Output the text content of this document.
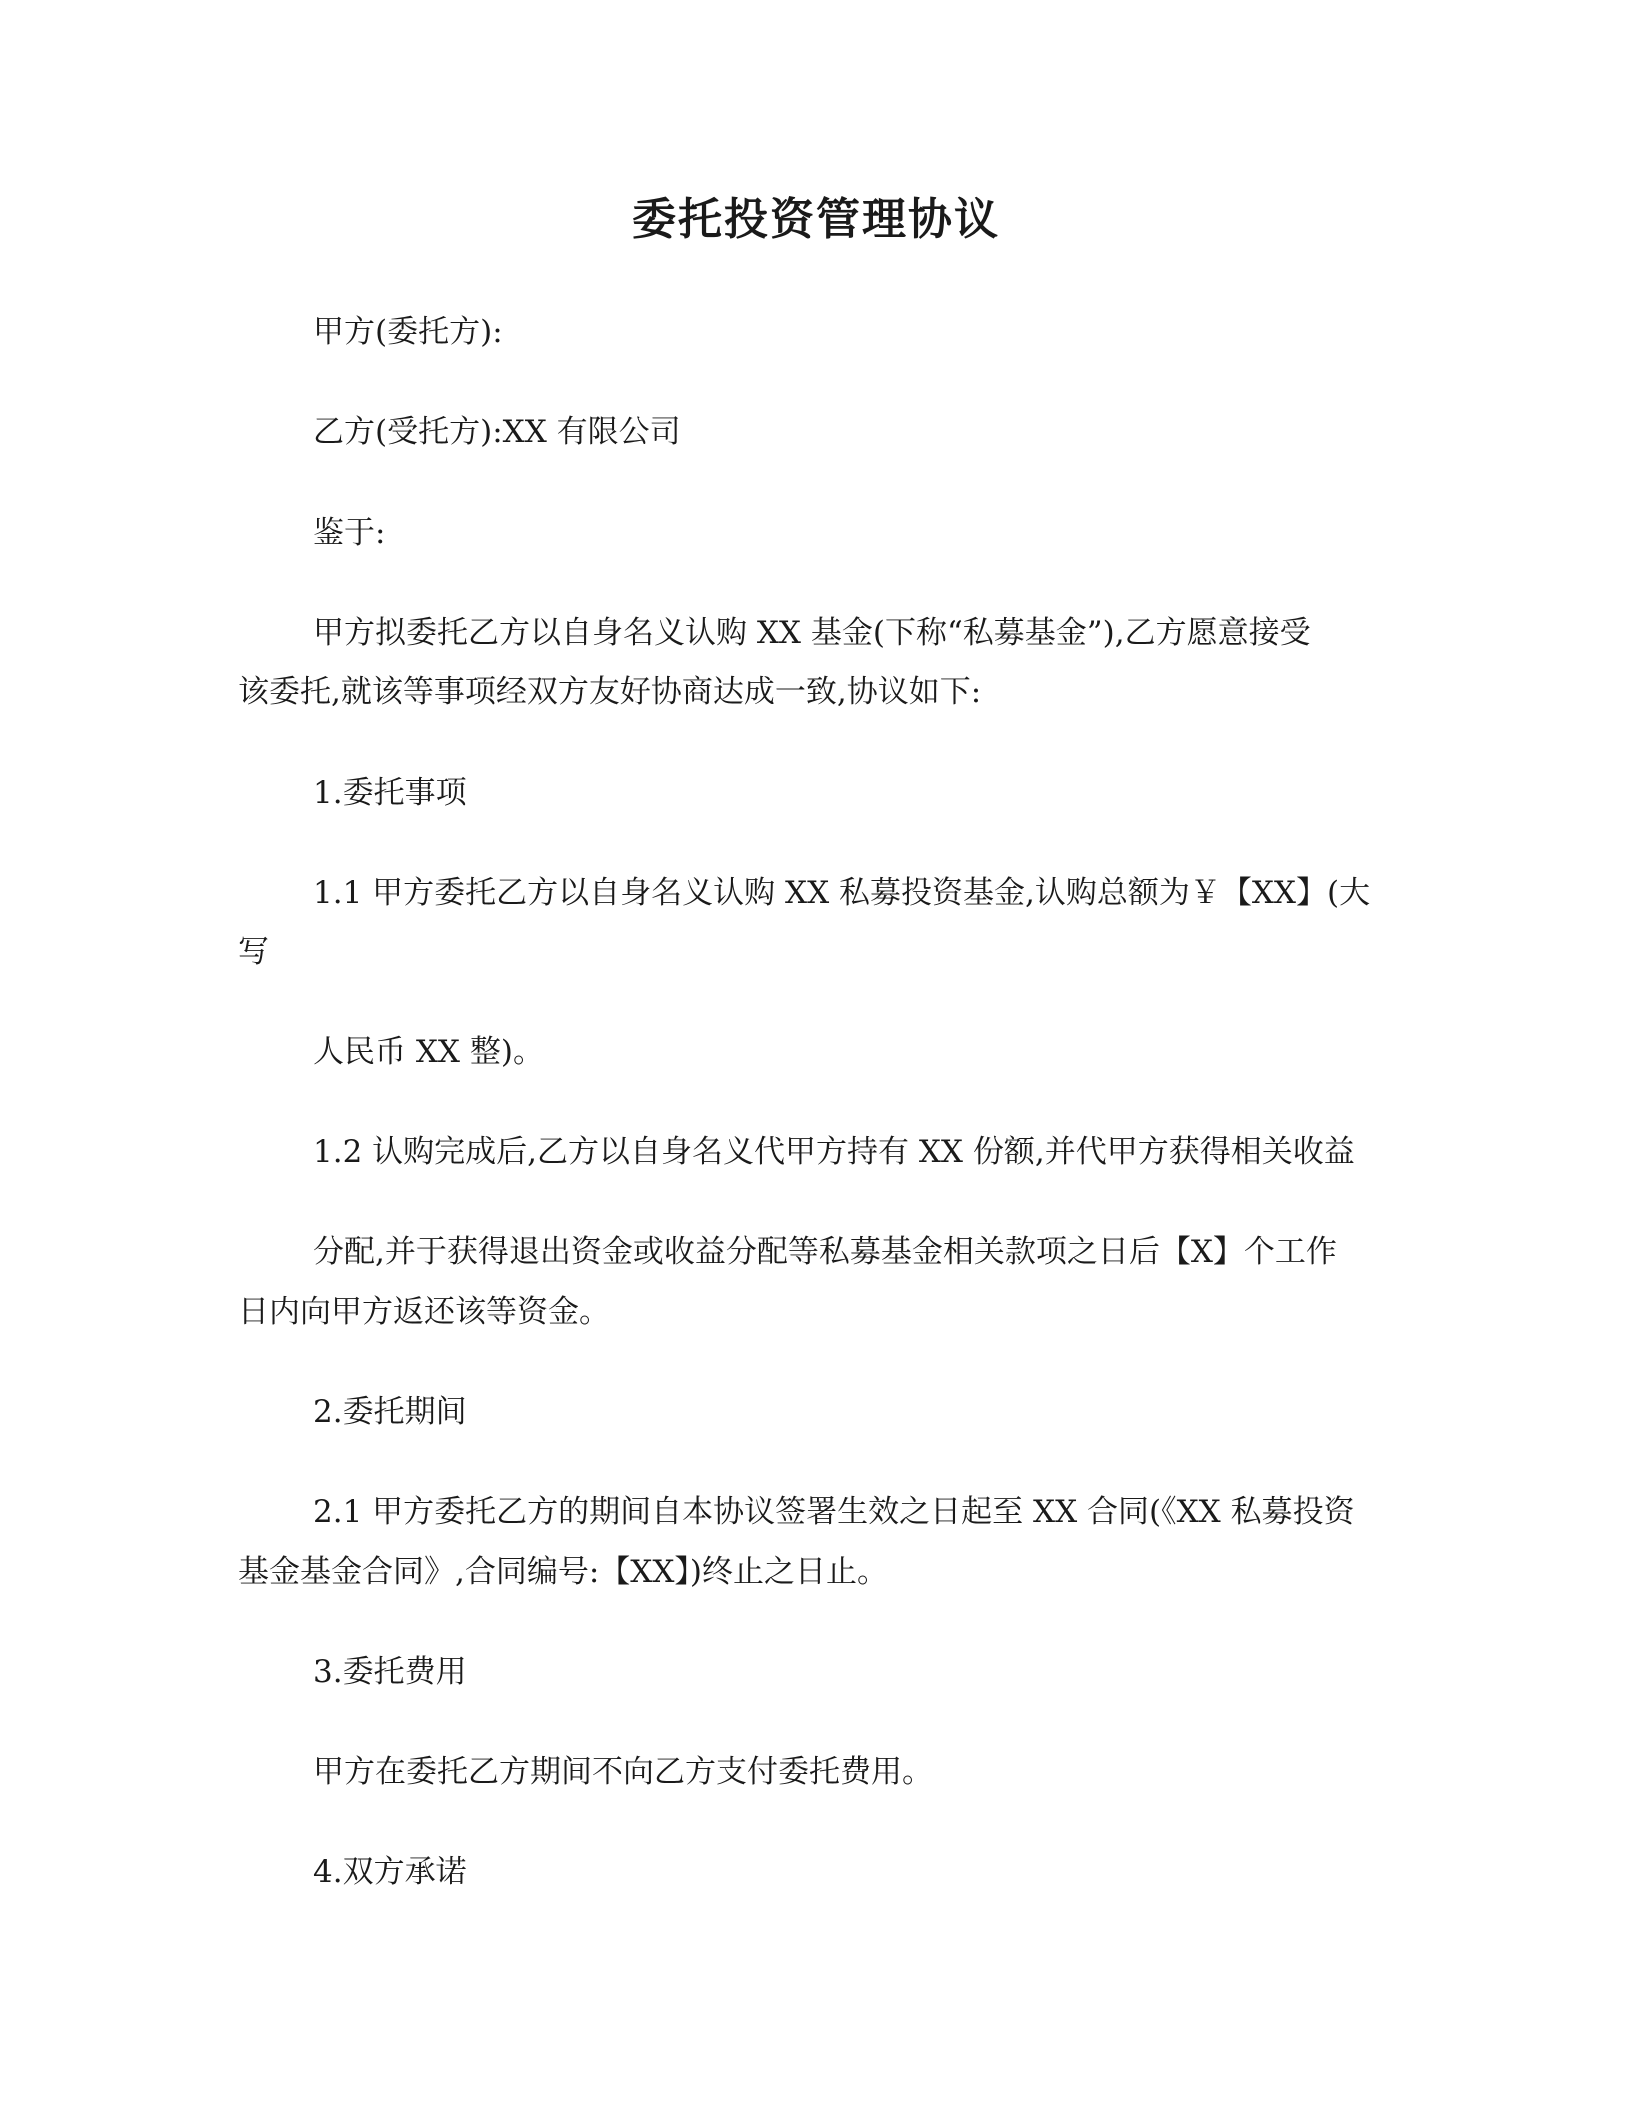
委托投资管理协议
甲方(委托方):
乙方(受托方):XX 有限公司
鉴于:
甲方拟委托乙方以自身名义认购 XX 基金(下称“私募基金”),乙方愿意接受
该委托,就该等事项经双方友好协商达成一致,协议如下:
1.委托事项
1.1 甲方委托乙方以自身名义认购 XX 私募投资基金,认购总额为￥【XX】(大
写
人民币 XX 整)。
1.2 认购完成后,乙方以自身名义代甲方持有 XX 份额,并代甲方获得相关收益
分配,并于获得退出资金或收益分配等私募基金相关款项之日后【X】个工作
日内向甲方返还该等资金。
2.委托期间
2.1 甲方委托乙方的期间自本协议签署生效之日起至 XX 合同(《XX 私募投资
基金基金合同》,合同编号:【XX】)终止之日止。
3.委托费用
甲方在委托乙方期间不向乙方支付委托费用。
4.双方承诺
